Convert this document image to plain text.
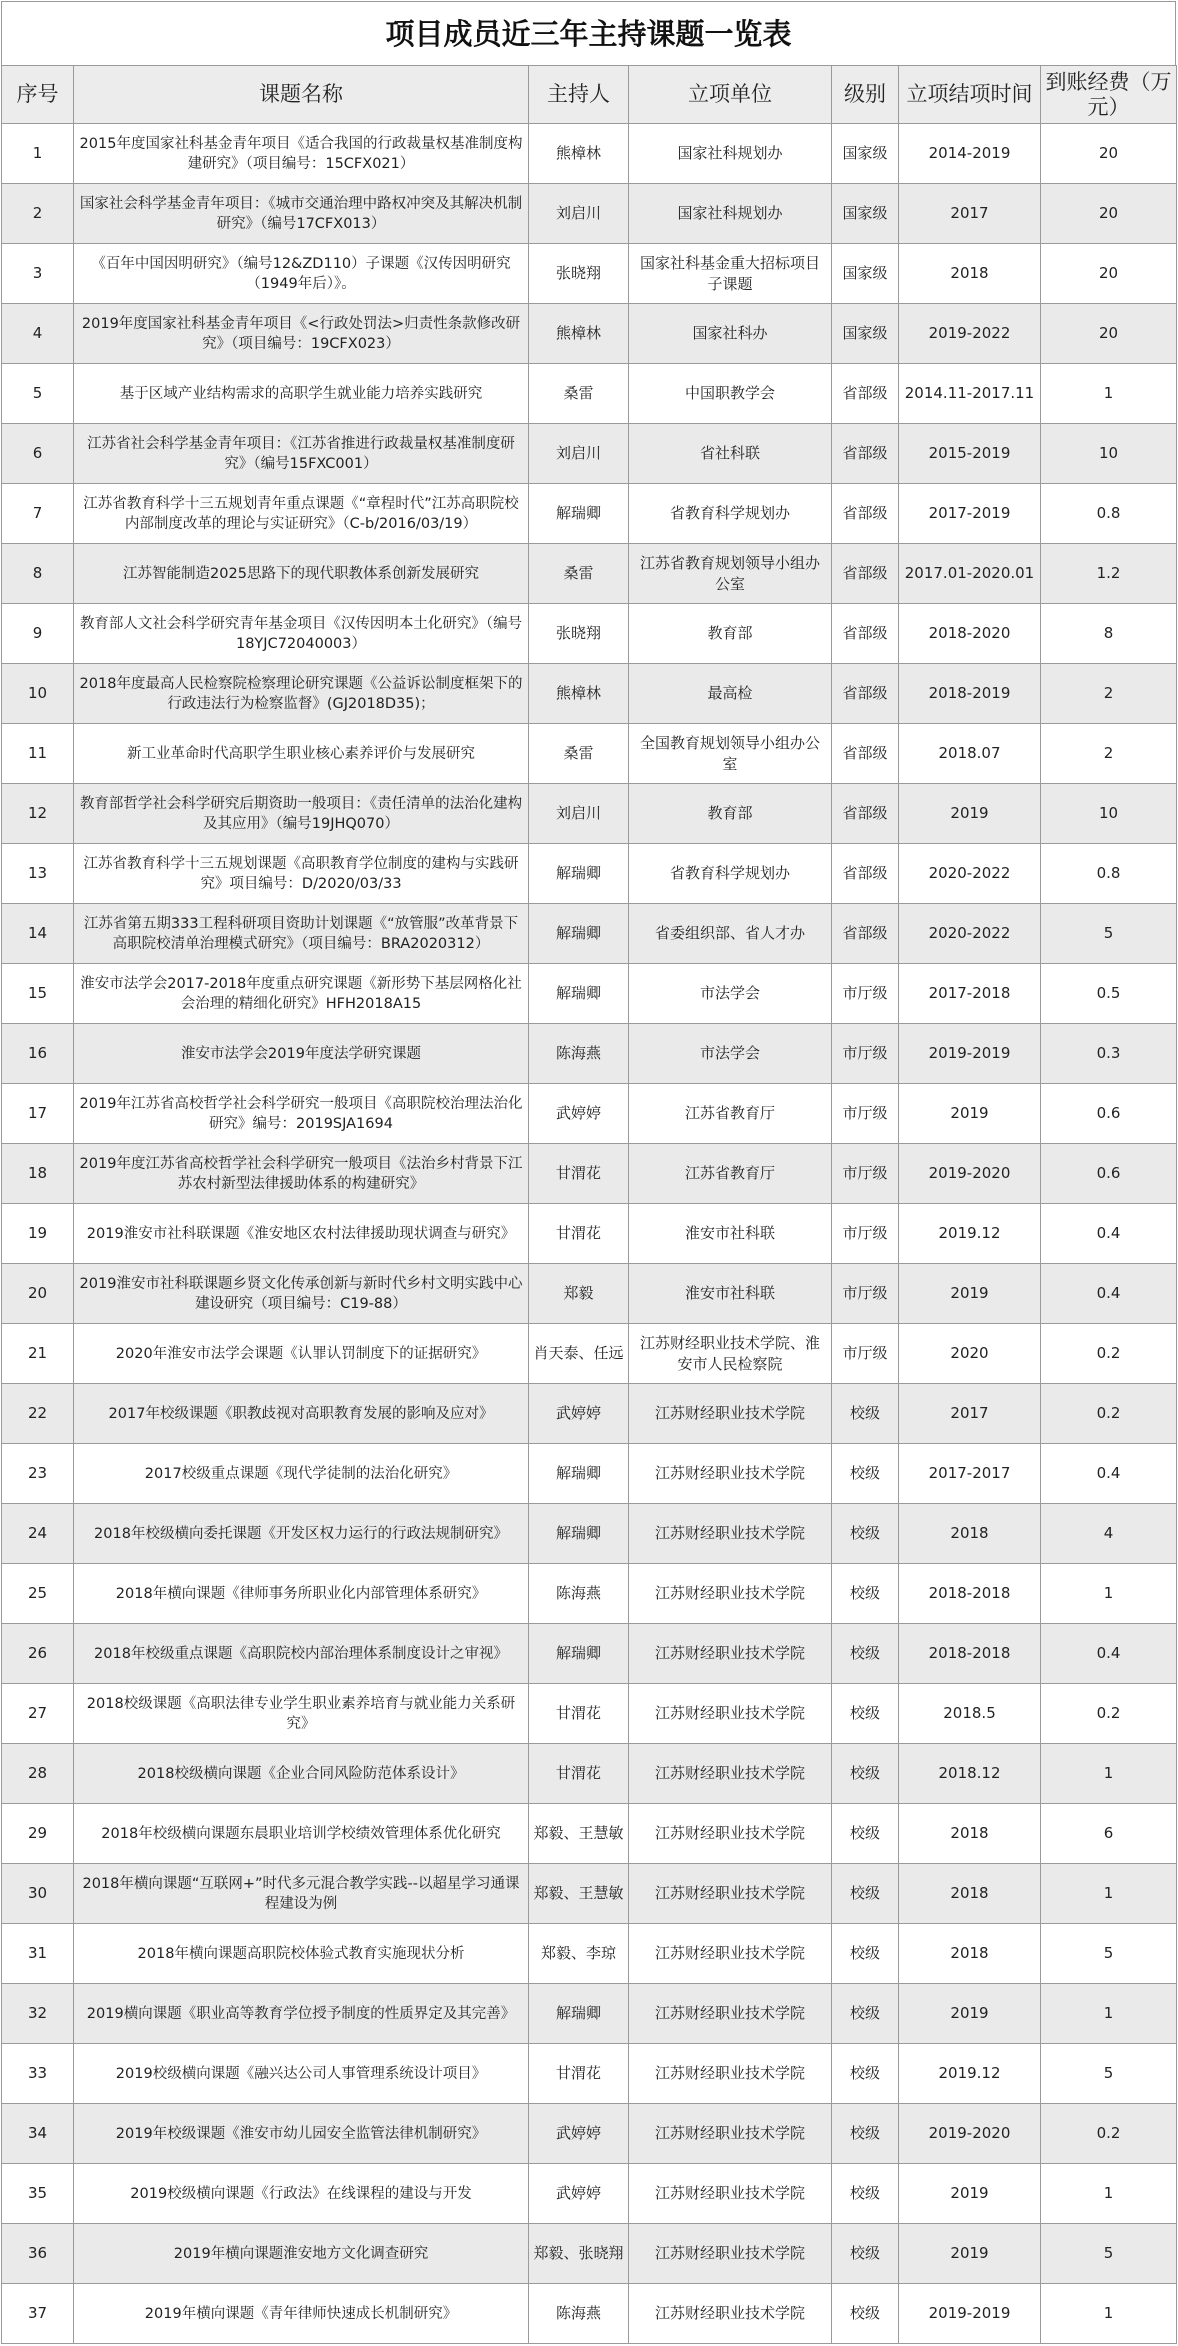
项目成员近三年主持课题一览表
序号	课题名称	主持人	立项单位	级别	立项结项时间	到账经费（万元）
1	2015年度国家社科基金青年项目《适合我国的行政裁量权基准制度构建研究》（项目编号：15CFX021）	熊樟林	国家社科规划办	国家级	2014-2019	20
2	国家社会科学基金青年项目：《城市交通治理中路权冲突及其解决机制研究》（编号17CFX013）	刘启川	国家社科规划办	国家级	2017	20
3	《百年中国因明研究》（编号12&ZD110）子课题《汉传因明研究（1949年后）》。	张晓翔	国家社科基金重大招标项目子课题	国家级	2018	20
4	2019年度国家社科基金青年项目《<行政处罚法>归责性条款修改研究》（项目编号：19CFX023）	熊樟林	国家社科办	国家级	2019-2022	20
5	基于区域产业结构需求的高职学生就业能力培养实践研究	桑雷	中国职教学会	省部级	2014.11-2017.11	1
6	江苏省社会科学基金青年项目：《江苏省推进行政裁量权基准制度研究》（编号15FXC001）	刘启川	省社科联	省部级	2015-2019	10
7	江苏省教育科学十三五规划青年重点课题《“章程时代”江苏高职院校内部制度改革的理论与实证研究》（C-b/2016/03/19）	解瑞卿	省教育科学规划办	省部级	2017-2019	0.8
8	江苏智能制造2025思路下的现代职教体系创新发展研究	桑雷	江苏省教育规划领导小组办公室	省部级	2017.01-2020.01	1.2
9	教育部人文社会科学研究青年基金项目《汉传因明本土化研究》（编号 18YJC72040003）	张晓翔	教育部	省部级	2018-2020	8
10	2018年度最高人民检察院检察理论研究课题《公益诉讼制度框架下的行政违法行为检察监督》(GJ2018D35)；	熊樟林	最高检	省部级	2018-2019	2
11	新工业革命时代高职学生职业核心素养评价与发展研究	桑雷	全国教育规划领导小组办公室	省部级	2018.07	2
12	教育部哲学社会科学研究后期资助一般项目：《责任清单的法治化建构及其应用》（编号19JHQ070）	刘启川	教育部	省部级	2019	10
13	江苏省教育科学十三五规划课题《高职教育学位制度的建构与实践研究》项目编号：D/2020/03/33	解瑞卿	省教育科学规划办	省部级	2020-2022	0.8
14	江苏省第五期333工程科研项目资助计划课题《“放管服”改革背景下高职院校清单治理模式研究》（项目编号：BRA2020312）	解瑞卿	省委组织部、省人才办	省部级	2020-2022	5
15	淮安市法学会2017-2018年度重点研究课题《新形势下基层网格化社会治理的精细化研究》HFH2018A15	解瑞卿	市法学会	市厅级	2017-2018	0.5
16	淮安市法学会2019年度法学研究课题	陈海燕	市法学会	市厅级	2019-2019	0.3
17	2019年江苏省高校哲学社会科学研究一般项目《高职院校治理法治化研究》编号：2019SJA1694	武婷婷	江苏省教育厅	市厅级	2019	0.6
18	2019年度江苏省高校哲学社会科学研究一般项目《法治乡村背景下江苏农村新型法律援助体系的构建研究》	甘渭花	江苏省教育厅	市厅级	2019-2020	0.6
19	2019淮安市社科联课题《淮安地区农村法律援助现状调查与研究》	甘渭花	淮安市社科联	市厅级	2019.12	0.4
20	2019淮安市社科联课题乡贤文化传承创新与新时代乡村文明实践中心建设研究（项目编号：C19-88）	郑毅	淮安市社科联	市厅级	2019	0.4
21	2020年淮安市法学会课题《认罪认罚制度下的证据研究》	肖天泰、任远	江苏财经职业技术学院、淮安市人民检察院	市厅级	2020	0.2
22	2017年校级课题《职教歧视对高职教育发展的影响及应对》	武婷婷	江苏财经职业技术学院	校级	2017	0.2
23	2017校级重点课题《现代学徒制的法治化研究》	解瑞卿	江苏财经职业技术学院	校级	2017-2017	0.4
24	2018年校级横向委托课题《开发区权力运行的行政法规制研究》	解瑞卿	江苏财经职业技术学院	校级	2018	4
25	2018年横向课题《律师事务所职业化内部管理体系研究》	陈海燕	江苏财经职业技术学院	校级	2018-2018	1
26	2018年校级重点课题《高职院校内部治理体系制度设计之审视》	解瑞卿	江苏财经职业技术学院	校级	2018-2018	0.4
27	2018校级课题《高职法律专业学生职业素养培育与就业能力关系研究》	甘渭花	江苏财经职业技术学院	校级	2018.5	0.2
28	2018校级横向课题《企业合同风险防范体系设计》	甘渭花	江苏财经职业技术学院	校级	2018.12	1
29	2018年校级横向课题东晨职业培训学校绩效管理体系优化研究	郑毅、王慧敏	江苏财经职业技术学院	校级	2018	6
30	2018年横向课题“互联网+”时代多元混合教学实践--以超星学习通课程建设为例	郑毅、王慧敏	江苏财经职业技术学院	校级	2018	1
31	2018年横向课题高职院校体验式教育实施现状分析	郑毅、李琼	江苏财经职业技术学院	校级	2018	5
32	2019横向课题《职业高等教育学位授予制度的性质界定及其完善》	解瑞卿	江苏财经职业技术学院	校级	2019	1
33	2019校级横向课题《融兴达公司人事管理系统设计项目》	甘渭花	江苏财经职业技术学院	校级	2019.12	5
34	2019年校级课题《淮安市幼儿园安全监管法律机制研究》	武婷婷	江苏财经职业技术学院	校级	2019-2020	0.2
35	2019校级横向课题《行政法》在线课程的建设与开发	武婷婷	江苏财经职业技术学院	校级	2019	1
36	2019年横向课题淮安地方文化调查研究	郑毅、张晓翔	江苏财经职业技术学院	校级	2019	5
37	2019年横向课题《青年律师快速成长机制研究》	陈海燕	江苏财经职业技术学院	校级	2019-2019	1
